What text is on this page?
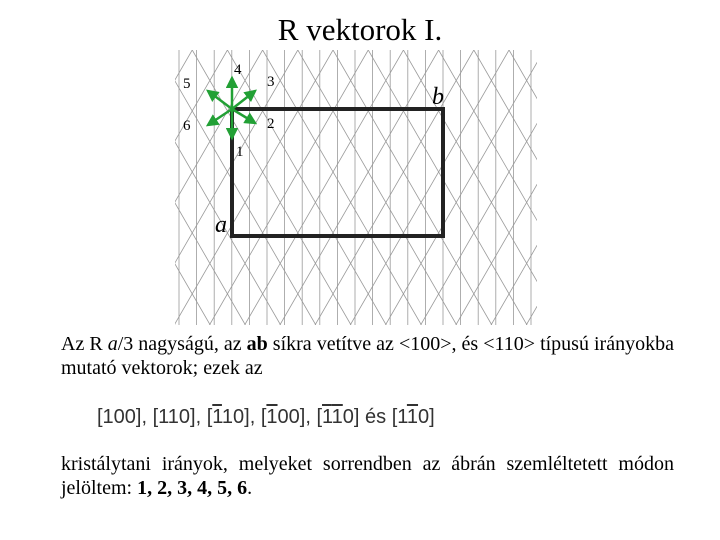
R vektorok I.
1
2
3
4
5
6
b
a

Az R a/3 nagyságú, az ab síkra vetítve az <100>, és <110> típusú irányokba mutató vektorok; ezek az

[100], [110], [110], [100], [110] és [110]

kristálytani irányok, melyeket sorrendben az ábrán szemléltetett módon jelöltem: 1, 2, 3, 4, 5, 6.
